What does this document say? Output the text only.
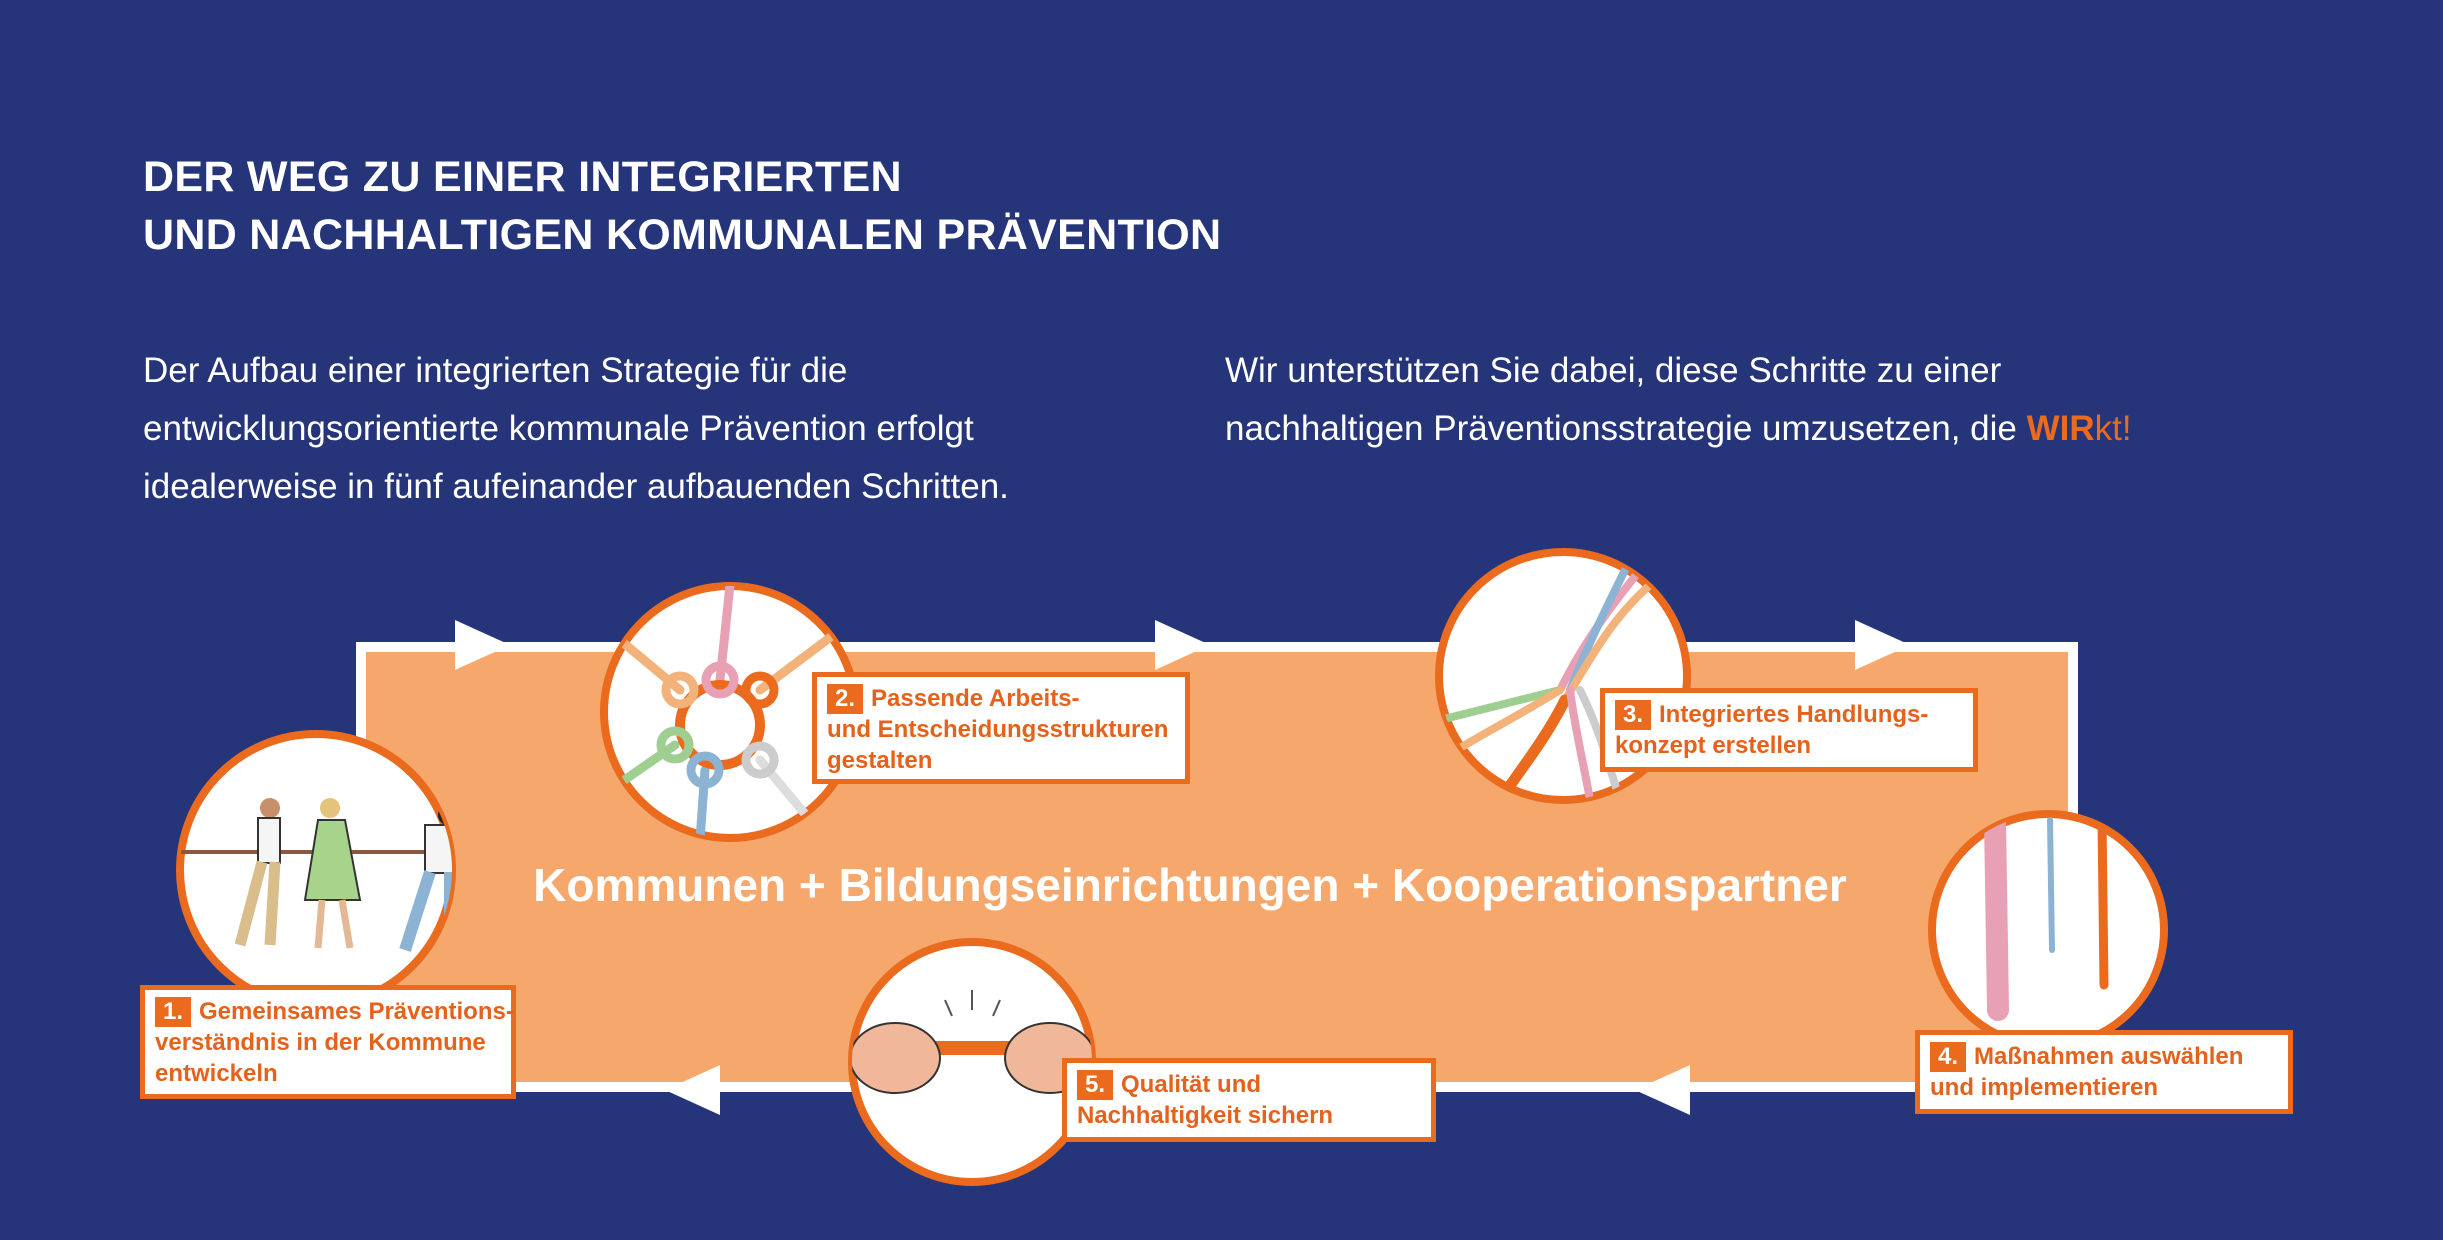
DER WEG ZU EINER INTEGRIERTEN
UND NACHHALTIGEN KOMMUNALEN PRÄVENTION

Der Aufbau einer integrierten Strategie für die

entwicklungsorientierte kommunale Prävention erfolgt

idealerweise in fünf aufeinander aufbauenden Schritten.

Wir unterstützen Sie dabei, diese Schritte zu einer

nachhaltigen Präventionsstrategie umzusetzen, die WIRkt!

Kommunen + Bildungseinrichtungen + Kooperationspartner
1. Gemeinsames Präventions-
verständnis in der Kommune
entwickeln
2. Passende Arbeits-
und Entscheidungsstrukturen
gestalten
3. Integriertes Handlungs-
konzept erstellen
4. Maßnahmen auswählen
und implementieren
5. Qualität und
Nachhaltigkeit sichern
